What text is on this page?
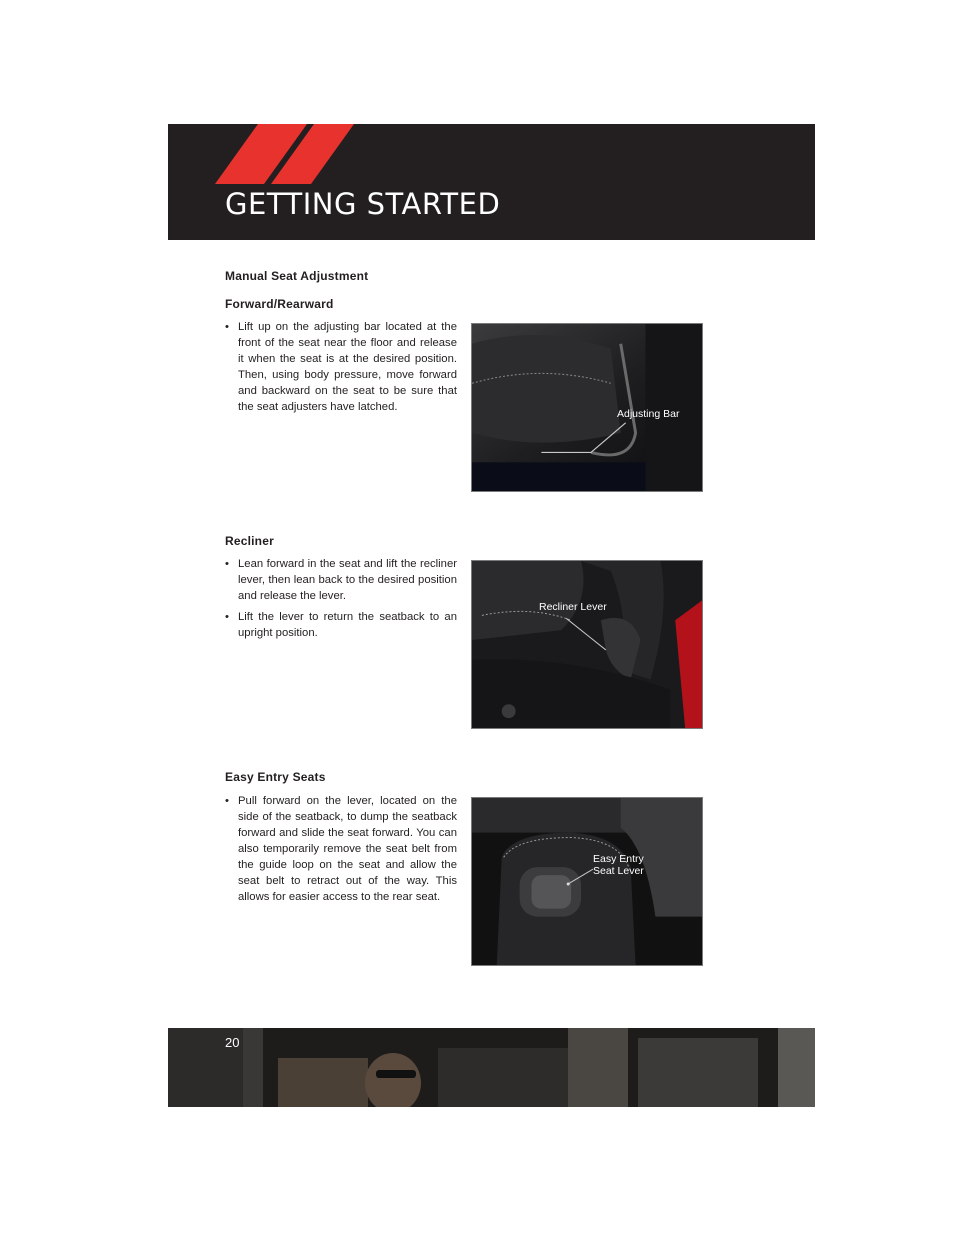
GETTING STARTED
Manual Seat Adjustment
Forward/Rearward
• Lift up on the adjusting bar located at the front of the seat near the floor and release it when the seat is at the desired position. Then, using body pressure, move forward and backward on the seat to be sure that the seat adjusters have latched.
Adjusting Bar
Recliner
• Lean forward in the seat and lift the recliner lever, then lean back to the desired position and release the lever.
• Lift the lever to return the seatback to an upright position.
Recliner Lever
Easy Entry Seats
• Pull forward on the lever, located on the side of the seatback, to dump the seatback forward and slide the seat forward. You can also temporarily remove the seat belt from the guide loop on the seat and allow the seat belt to retract out of the way. This allows for easier access to the rear seat.
Easy Entry
Seat Lever
20
